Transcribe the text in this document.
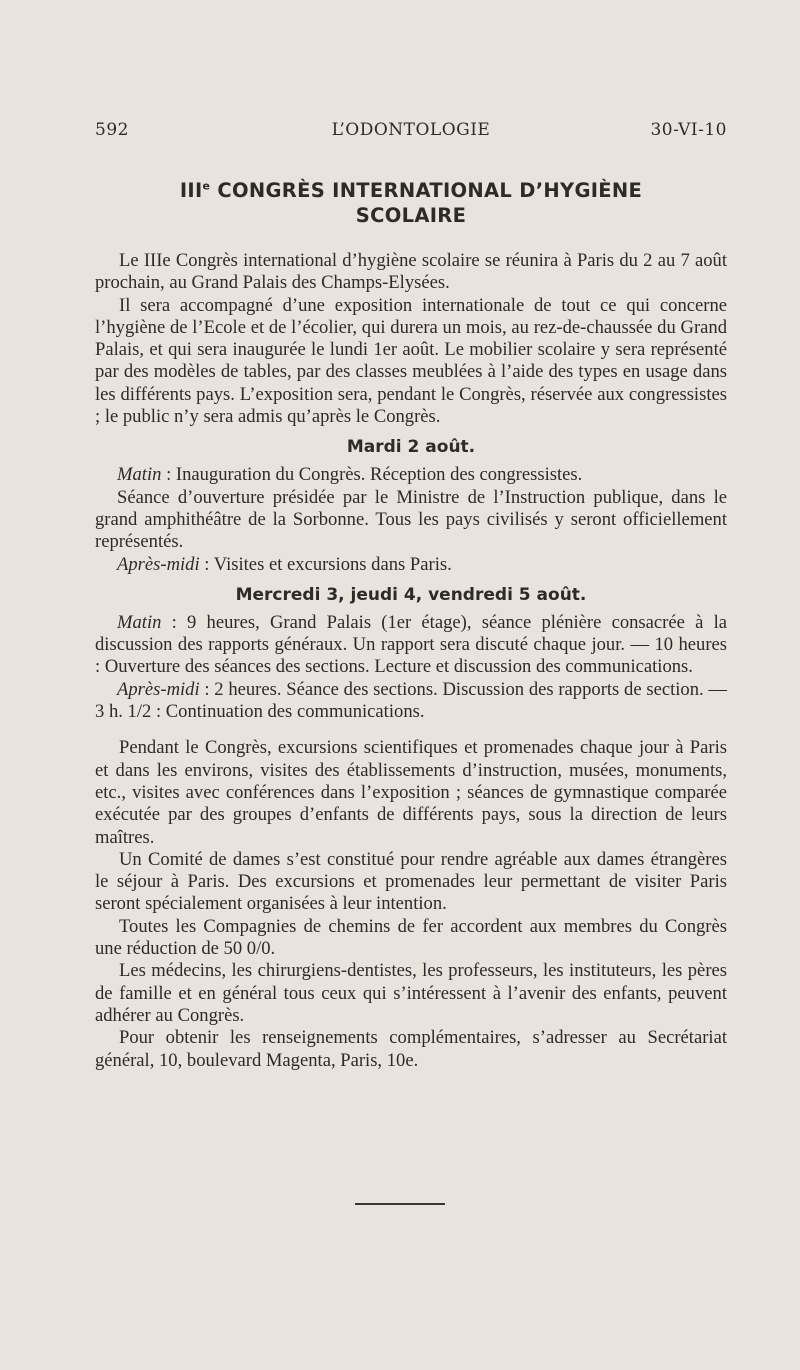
592	L’ODONTOLOGIE	30-VI-10
IIIe CONGRÈS INTERNATIONAL D’HYGIÈNE
SCOLAIRE

Le IIIe Congrès international d’hygiène scolaire se réunira à Paris du 2 au 7 août prochain, au Grand Palais des Champs-Elysées.

Il sera accompagné d’une exposition internationale de tout ce qui concerne l’hygiène de l’Ecole et de l’écolier, qui durera un mois, au rez-de-chaussée du Grand Palais, et qui sera inaugurée le lundi 1er août. Le mobilier scolaire y sera représenté par des modèles de tables, par des classes meublées à l’aide des types en usage dans les différents pays. L’exposition sera, pendant le Congrès, réservée aux congressistes ; le public n’y sera admis qu’après le Congrès.

Mardi 2 août.

Matin : Inauguration du Congrès. Réception des congressistes.

Séance d’ouverture présidée par le Ministre de l’Instruction publique, dans le grand amphithéâtre de la Sorbonne. Tous les pays civilisés y seront officiellement représentés.

Après-midi : Visites et excursions dans Paris.

Mercredi 3, jeudi 4, vendredi 5 août.

Matin : 9 heures, Grand Palais (1er étage), séance plénière consacrée à la discussion des rapports généraux. Un rapport sera discuté chaque jour. — 10 heures : Ouverture des séances des sections. Lecture et discussion des communications.

Après-midi : 2 heures. Séance des sections. Discussion des rapports de section. — 3 h. 1/2 : Continuation des communications.

Pendant le Congrès, excursions scientifiques et promenades chaque jour à Paris et dans les environs, visites des établissements d’instruction, musées, monuments, etc., visites avec conférences dans l’exposition ; séances de gymnastique comparée exécutée par des groupes d’enfants de différents pays, sous la direction de leurs maîtres.

Un Comité de dames s’est constitué pour rendre agréable aux dames étrangères le séjour à Paris. Des excursions et promenades leur permettant de visiter Paris seront spécialement organisées à leur intention.

Toutes les Compagnies de chemins de fer accordent aux membres du Congrès une réduction de 50 0/0.

Les médecins, les chirurgiens-dentistes, les professeurs, les instituteurs, les pères de famille et en général tous ceux qui s’intéressent à l’avenir des enfants, peuvent adhérer au Congrès.

Pour obtenir les renseignements complémentaires, s’adresser au Secrétariat général, 10, boulevard Magenta, Paris, 10e.
